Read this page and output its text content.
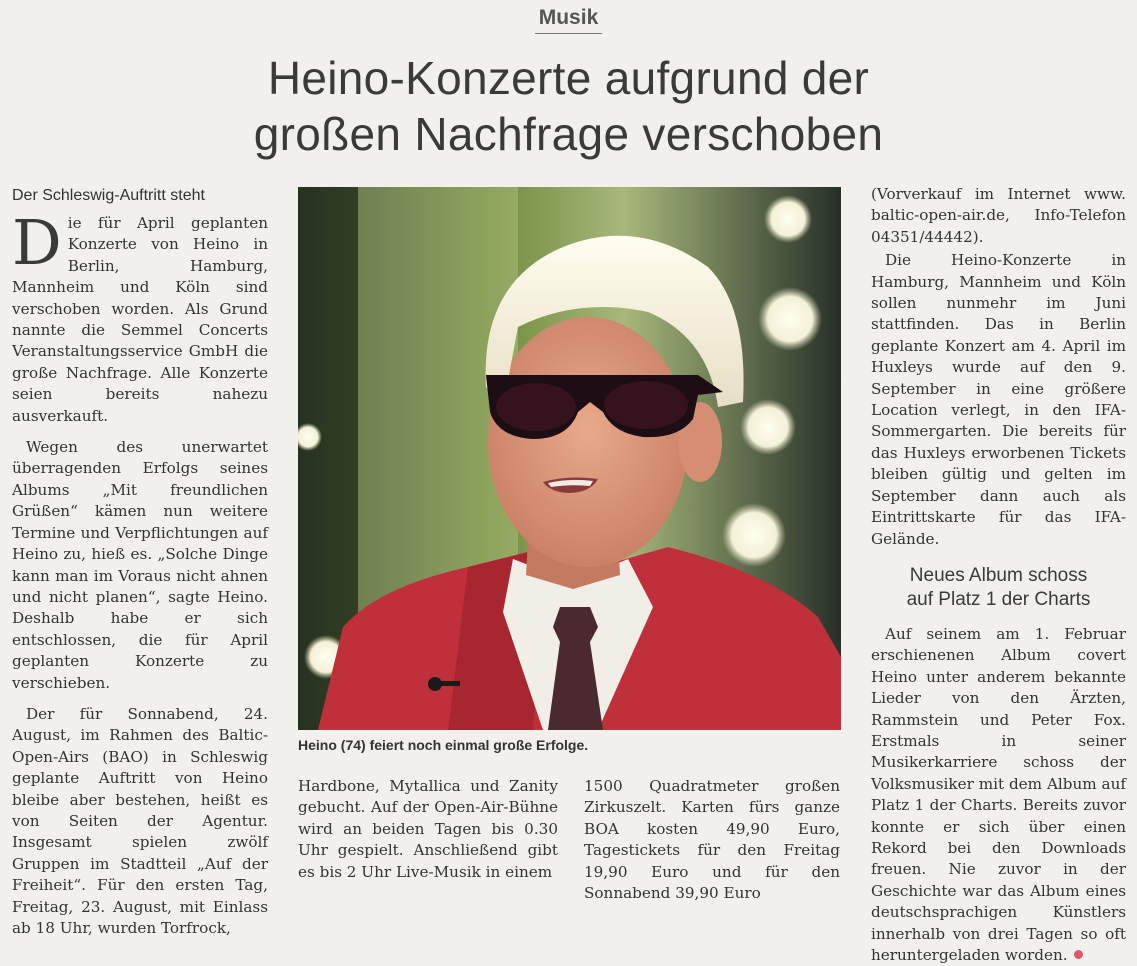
Musik
Heino-Konzerte aufgrund der
großen Nachfrage verschoben
Der Schleswig-Auftritt steht

Die für April geplanten Konzerte von Heino in Berlin, Hamburg, Mannheim und Köln sind verschoben worden. Als Grund nannte die Semmel Concerts Veranstaltungsservice GmbH die große Nachfrage. Alle Konzerte seien bereits nahezu ausverkauft.

Wegen des unerwartet überragenden Erfolgs seines Albums „Mit freundlichen Grüßen“ kämen nun weitere Termine und Verpflichtungen auf Heino zu, hieß es. „Solche Dinge kann man im Voraus nicht ahnen und nicht planen“, sagte Heino. Deshalb habe er sich entschlossen, die für April geplanten Konzerte zu verschieben.

Der für Sonnabend, 24. August, im Rahmen des Baltic-Open-Airs (BAO) in Schleswig geplante Auftritt von Heino bleibe aber bestehen, heißt es von Seiten der Agentur. Insgesamt spielen zwölf Gruppen im Stadtteil „Auf der Freiheit“. Für den ersten Tag, Freitag, 23. August, mit Einlass ab 18 Uhr, wurden Torfrock,

Heino (74) feiert noch einmal große Erfolge.

Hardbone, Mytallica und Zanity gebucht. Auf der Open-Air-Bühne wird an beiden Tagen bis 0.30 Uhr gespielt. Anschließend gibt es bis 2 Uhr Live-Musik in einem

1500 Quadratmeter großen Zirkuszelt. Karten fürs ganze BOA kosten 49,90 Euro, Tagestickets für den Freitag 19,90 Euro und für den Sonnabend 39,90 Euro

(Vorverkauf im Internet www. baltic-open-air.de, Info-Telefon 04351/44442).

Die Heino-Konzerte in Hamburg, Mannheim und Köln sollen nunmehr im Juni stattfinden. Das in Berlin geplante Konzert am 4. April im Huxleys wurde auf den 9. September in eine größere Location verlegt, in den IFA-Sommergarten. Die bereits für das Huxleys erworbenen Tickets bleiben gültig und gelten im September dann auch als Eintrittskarte für das IFA-Gelände.

Neues Album schoss
auf Platz 1 der Charts

Auf seinem am 1. Februar erschienenen Album covert Heino unter anderem bekannte Lieder von den Ärzten, Rammstein und Peter Fox. Erstmals in seiner Musikerkarriere schoss der Volksmusiker mit dem Album auf Platz 1 der Charts. Bereits zuvor konnte er sich über einen Rekord bei den Downloads freuen. Nie zuvor in der Geschichte war das Album eines deutschsprachigen Künstlers innerhalb von drei Tagen so oft heruntergeladen worden.
